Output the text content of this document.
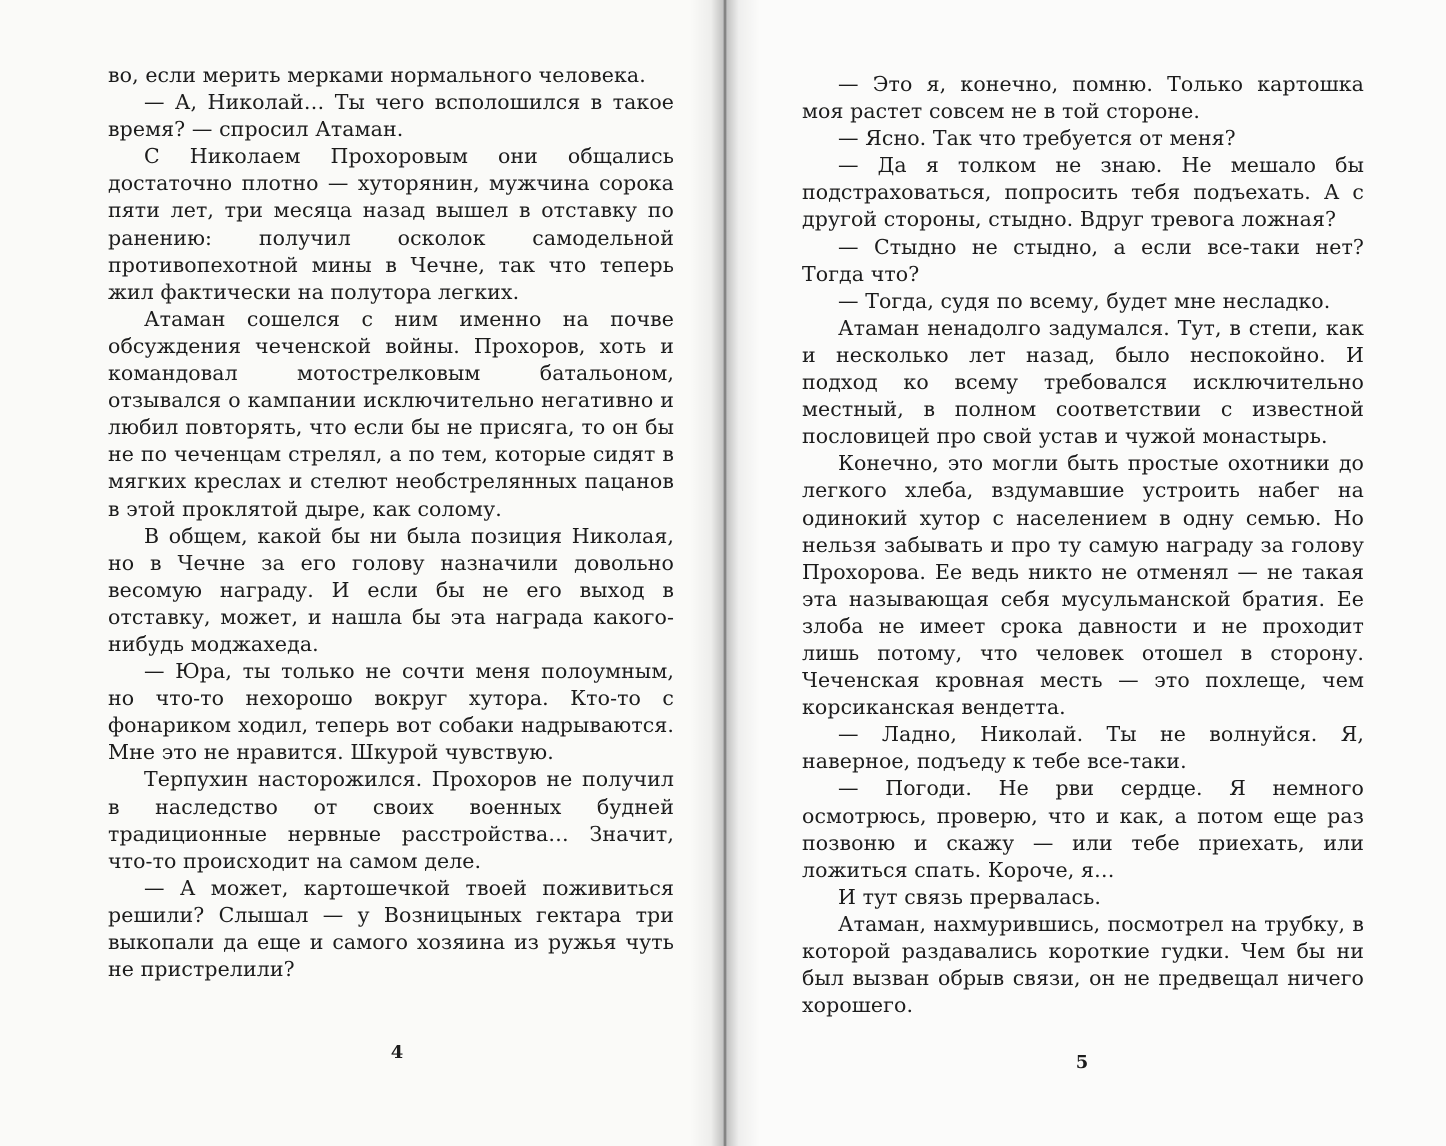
во, если мерить мерками нормального человека.

— А, Николай… Ты чего всполошился в такое время? — спросил Атаман.

С Николаем Прохоровым они общались достаточно плотно — хуторянин, мужчина сорока пяти лет, три месяца назад вышел в отставку по ранению: получил осколок самодельной противопехотной мины в Чечне, так что теперь жил фактически на полутора легких.

Атаман сошелся с ним именно на почве обсуждения чеченской войны. Прохоров, хоть и командовал мотострелковым батальоном, отзывался о кампании исключительно негативно и любил повторять, что если бы не присяга, то он бы не по чеченцам стрелял, а по тем, которые сидят в мягких креслах и стелют необстрелянных пацанов в этой проклятой дыре, как солому.

В общем, какой бы ни была позиция Николая, но в Чечне за его голову назначили довольно весомую награду. И если бы не его выход в отставку, может, и нашла бы эта награда какого-нибудь моджахеда.

— Юра, ты только не сочти меня полоумным, но что-то нехорошо вокруг хутора. Кто-то с фонариком ходил, теперь вот собаки надрываются. Мне это не нравится. Шкурой чувствую.

Терпухин насторожился. Прохоров не получил в наследство от своих военных будней традиционные нервные расстройства… Значит, что-то происходит на самом деле.

— А может, картошечкой твоей поживиться решили? Слышал — у Возницыных гектара три выкопали да еще и самого хозяина из ружья чуть не пристрелили?

4

— Это я, конечно, помню. Только картошка моя растет совсем не в той стороне.

— Ясно. Так что требуется от меня?

— Да я толком не знаю. Не мешало бы подстраховаться, попросить тебя подъехать. А с другой стороны, стыдно. Вдруг тревога ложная?

— Стыдно не стыдно, а если все-таки нет? Тогда что?

— Тогда, судя по всему, будет мне несладко.

Атаман ненадолго задумался. Тут, в степи, как и несколько лет назад, было неспокойно. И подход ко всему требовался исключительно местный, в полном соответствии с известной пословицей про свой устав и чужой монастырь.

Конечно, это могли быть простые охотники до легкого хлеба, вздумавшие устроить набег на одинокий хутор с населением в одну семью. Но нельзя забывать и про ту самую награду за голову Прохорова. Ее ведь никто не отменял — не такая эта называющая себя мусульманской братия. Ее злоба не имеет срока давности и не проходит лишь потому, что человек отошел в сторону. Чеченская кровная месть — это похлеще, чем корсиканская вендетта.

— Ладно, Николай. Ты не волнуйся. Я, наверное, подъеду к тебе все-таки.

— Погоди. Не рви сердце. Я немного осмотрюсь, проверю, что и как, а потом еще раз позвоню и скажу — или тебе приехать, или ложиться спать. Короче, я…

И тут связь прервалась.

Атаман, нахмурившись, посмотрел на трубку, в которой раздавались короткие гудки. Чем бы ни был вызван обрыв связи, он не предвещал ничего хорошего.

5
